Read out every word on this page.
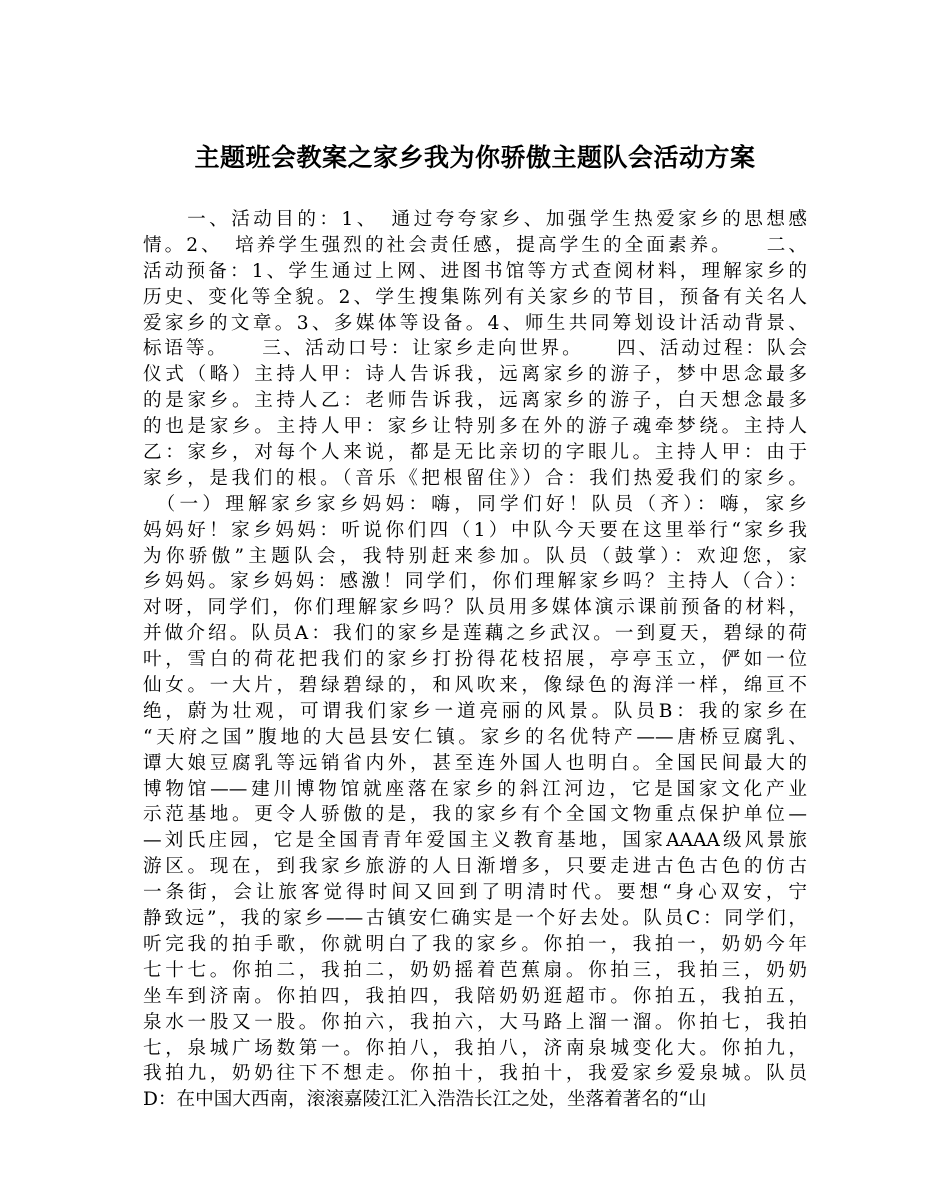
主题班会教案之家乡我为你骄傲主题队会活动方案
　　一、活动目的：1、　通过夸夸家乡、加强学生热爱家乡的思想感
情。2、　培养学生强烈的社会责任感，提高学生的全面素养。　　二、
活动预备：1、学生通过上网、进图书馆等方式查阅材料，理解家乡的
历史、变化等全貌。2、学生搜集陈列有关家乡的节目，预备有关名人
爱家乡的文章。3、多媒体等设备。4、师生共同筹划设计活动背景、
标语等。　　三、活动口号：让家乡走向世界。　　四、活动过程：队会
仪式（略）主持人甲：诗人告诉我，远离家乡的游子，梦中思念最多
的是家乡。主持人乙：老师告诉我，远离家乡的游子，白天想念最多
的也是家乡。主持人甲：家乡让特别多在外的游子魂牵梦绕。主持人
乙：家乡，对每个人来说，都是无比亲切的字眼儿。主持人甲：由于
家乡，是我们的根。（音乐《把根留住》）合：我们热爱我们的家乡。
　（一）理解家乡家乡妈妈：嗨，同学们好！队员（齐）：嗨，家乡
妈妈好！家乡妈妈：听说你们四（1）中队今天要在这里举行“家乡我
为你骄傲”主题队会，我特别赶来参加。队员（鼓掌）：欢迎您，家
乡妈妈。家乡妈妈：感激！同学们，你们理解家乡吗？主持人（合）：
对呀，同学们，你们理解家乡吗？队员用多媒体演示课前预备的材料，
并做介绍。队员A：我们的家乡是莲藕之乡武汉。一到夏天，碧绿的荷
叶，雪白的荷花把我们的家乡打扮得花枝招展，亭亭玉立，俨如一位
仙女。一大片，碧绿碧绿的，和风吹来，像绿色的海洋一样，绵亘不
绝，蔚为壮观，可谓我们家乡一道亮丽的风景。队员B：我的家乡在
“天府之国”腹地的大邑县安仁镇。家乡的名优特产——唐桥豆腐乳、
谭大娘豆腐乳等远销省内外，甚至连外国人也明白。全国民间最大的
博物馆——建川博物馆就座落在家乡的斜江河边，它是国家文化产业
示范基地。更令人骄傲的是，我的家乡有个全国文物重点保护单位—
—刘氏庄园，它是全国青青年爱国主义教育基地，国家AAAA级风景旅
游区。现在，到我家乡旅游的人日渐增多，只要走进古色古色的仿古
一条街，会让旅客觉得时间又回到了明清时代。要想“身心双安，宁
静致远”，我的家乡——古镇安仁确实是一个好去处。队员C：同学们，
听完我的拍手歌，你就明白了我的家乡。你拍一，我拍一，奶奶今年
七十七。你拍二，我拍二，奶奶摇着芭蕉扇。你拍三，我拍三，奶奶
坐车到济南。你拍四，我拍四，我陪奶奶逛超市。你拍五，我拍五，
泉水一股又一股。你拍六，我拍六，大马路上溜一溜。你拍七，我拍
七，泉城广场数第一。你拍八，我拍八，济南泉城变化大。你拍九，
我拍九，奶奶往下不想走。你拍十，我拍十，我爱家乡爱泉城。队员
D：在中国大西南，滚滚嘉陵江汇入浩浩长江之处，坐落着著名的“山
